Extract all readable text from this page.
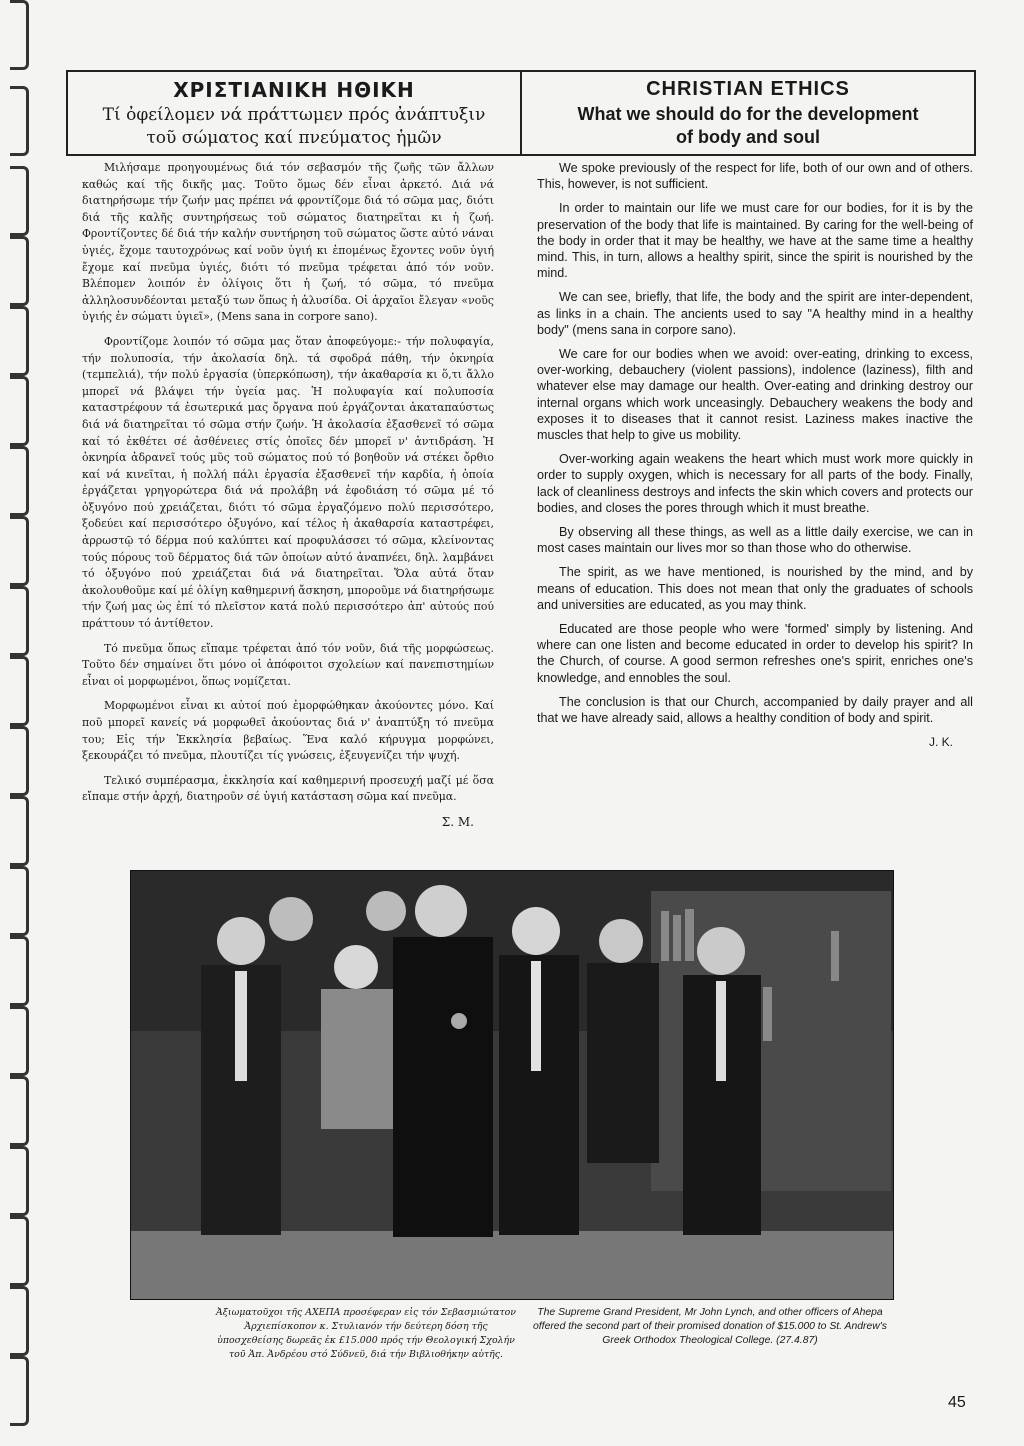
ΧΡΙΣΤΙΑΝΙΚΗ ΗΘΙΚΗ
Τί ὀφείλομεν νά πράττωμεν πρός ἀνάπτυξιν
τοῦ σώματος καί πνεύματος ἡμῶν
CHRISTIAN ETHICS
What we should do for the development
of body and soul

Μιλήσαμε προηγουμένως διά τόν σεβασμόν τῆς ζωῆς τῶν ἄλλων καθώς καί τῆς δικῆς μας. Τοῦτο ὅμως δέν εἶναι ἀρκετό. Διά νά διατηρήσωμε τήν ζωήν μας πρέπει νά φροντίζομε διά τό σῶμα μας, διότι διά τῆς καλῆς συντηρήσεως τοῦ σώματος διατηρεῖται κι ἡ ζωή. Φροντίζοντες δέ διά τήν καλήν συντήρηση τοῦ σώματος ὥστε αὐτό νάναι ὑγιές, ἔχομε ταυτοχρόνως καί νοῦν ὑγιή κι ἑπομένως ἔχοντες νοῦν ὑγιή ἔχομε καί πνεῦμα ὑγιές, διότι τό πνεῦμα τρέφεται ἀπό τόν νοῦν. Βλέπομεν λοιπόν ἐν ὀλίγοις ὅτι ἡ ζωή, τό σῶμα, τό πνεῦμα ἀλληλοσυνδέονται μεταξύ των ὅπως ἡ ἁλυσίδα. Οἱ ἀρχαῖοι ἔλεγαν «νοῦς ὑγιής ἐν σώματι ὑγιεῖ», (Mens sana in corpore sano).

Φροντίζομε λοιπόν τό σῶμα μας ὅταν ἀποφεύγομε:- τήν πολυφαγία, τήν πολυποσία, τήν ἀκολασία δηλ. τά σφοδρά πάθη, τήν ὀκνηρία (τεμπελιά), τήν πολύ ἐργασία (ὑπερκόπωση), τήν ἀκαθαρσία κι ὅ,τι ἄλλο μπορεῖ νά βλάψει τήν ὑγεία μας. Ἡ πολυφαγία καί πολυποσία καταστρέφουν τά ἐσωτερικά μας ὄργανα πού ἐργάζονται ἀκαταπαύστως διά νά διατηρεῖται τό σῶμα στήν ζωήν. Ἡ ἀκολασία ἐξασθενεῖ τό σῶμα καί τό ἐκθέτει σέ ἀσθένειες στίς ὁποῖες δέν μπορεῖ ν' ἀντιδράση. Ἡ ὀκνηρία ἀδρανεῖ τούς μῦς τοῦ σώματος πού τό βοηθοῦν νά στέκει ὄρθιο καί νά κινεῖται, ἡ πολλή πάλι ἐργασία ἐξασθενεῖ τήν καρδία, ἡ ὁποία ἐργάζεται γρηγορώτερα διά νά προλάβη νά ἐφοδιάση τό σῶμα μέ τό ὀξυγόνο πού χρειάζεται, διότι τό σῶμα ἐργαζόμενο πολύ περισσότερο, ξοδεύει καί περισσότερο ὀξυγόνο, καί τέλος ἡ ἀκαθαρσία καταστρέφει, ἀρρωστῷ τό δέρμα πού καλύπτει καί προφυλάσσει τό σῶμα, κλείνοντας τούς πόρους τοῦ δέρματος διά τῶν ὁποίων αὐτό ἀναπνέει, δηλ. λαμβάνει τό ὀξυγόνο πού χρειάζεται διά νά διατηρεῖται. Ὅλα αὐτά ὅταν ἀκολουθοῦμε καί μέ ὀλίγη καθημερινή ἄσκηση, μποροῦμε νά διατηρήσωμε τήν ζωή μας ὡς ἐπί τό πλεῖστον κατά πολύ περισσότερο ἀπ' αὐτούς πού πράττουν τό ἀντίθετον.

Τό πνεῦμα ὅπως εἴπαμε τρέφεται ἀπό τόν νοῦν, διά τῆς μορφώσεως. Τοῦτο δέν σημαίνει ὅτι μόνο οἱ ἀπόφοιτοι σχολείων καί πανεπιστημίων εἶναι οἱ μορφωμένοι, ὅπως νομίζεται.

Μορφωμένοι εἶναι κι αὐτοί πού ἐμορφώθηκαν ἀκούοντες μόνο. Καί ποῦ μπορεῖ κανείς νά μορφωθεῖ ἀκούοντας διά ν' ἀναπτύξη τό πνεῦμα του; Εἰς τήν Ἐκκλησία βεβαίως. Ἕνα καλό κήρυγμα μορφώνει, ξεκουράζει τό πνεῦμα, πλουτίζει τίς γνώσεις, ἐξευγενίζει τήν ψυχή.

Τελικό συμπέρασμα, ἐκκλησία καί καθημερινή προσευχή μαζί μέ ὅσα εἴπαμε στήν ἀρχή, διατηροῦν σέ ὑγιή κατάσταση σῶμα καί πνεῦμα.

Σ. Μ.

We spoke previously of the respect for life, both of our own and of others. This, however, is not sufficient.

In order to maintain our life we must care for our bodies, for it is by the preservation of the body that life is maintained. By caring for the well-being of the body in order that it may be healthy, we have at the same time a healthy mind. This, in turn, allows a healthy spirit, since the spirit is nourished by the mind.

We can see, briefly, that life, the body and the spirit are inter-dependent, as links in a chain. The ancients used to say "A healthy mind in a healthy body" (mens sana in corpore sano).

We care for our bodies when we avoid: over-eating, drinking to excess, over-working, debauchery (violent passions), indolence (laziness), filth and whatever else may damage our health. Over-eating and drinking destroy our internal organs which work unceasingly. Debauchery weakens the body and exposes it to diseases that it cannot resist. Laziness makes inactive the muscles that help to give us mobility.

Over-working again weakens the heart which must work more quickly in order to supply oxygen, which is necessary for all parts of the body. Finally, lack of cleanliness destroys and infects the skin which covers and protects our bodies, and closes the pores through which it must breathe.

By observing all these things, as well as a little daily exercise, we can in most cases maintain our lives mor so than those who do otherwise.

The spirit, as we have mentioned, is nourished by the mind, and by means of education. This does not mean that only the graduates of schools and universities are educated, as you may think.

Educated are those people who were 'formed' simply by listening. And where can one listen and become educated in order to develop his spirit? In the Church, of course. A good sermon refreshes one's spirit, enriches one's knowledge, and ennobles the soul.

The conclusion is that our Church, accompanied by daily prayer and all that we have already said, allows a healthy condition of body and spirit.

J. K.
Ἀξιωματοῦχοι τῆς ΑΧΕΠΑ προσέφεραν εἰς τόν Σεβασμιώτατον Ἀρχιεπίσκοπον κ. Στυλιανόν τήν δεύτερη δόση τῆς ὑποσχεθείσης δωρεᾶς ἐκ £15.000 πρός τήν Θεολογική Σχολήν τοῦ Ἁπ. Ἀνδρέου στό Σύδνεϋ, διά τήν Βιβλιοθήκην αὐτῆς.
The Supreme Grand President, Mr John Lynch, and other officers of Ahepa offered the second part of their promised donation of $15.000 to St. Andrew's Greek Orthodox Theological College. (27.4.87)
45
